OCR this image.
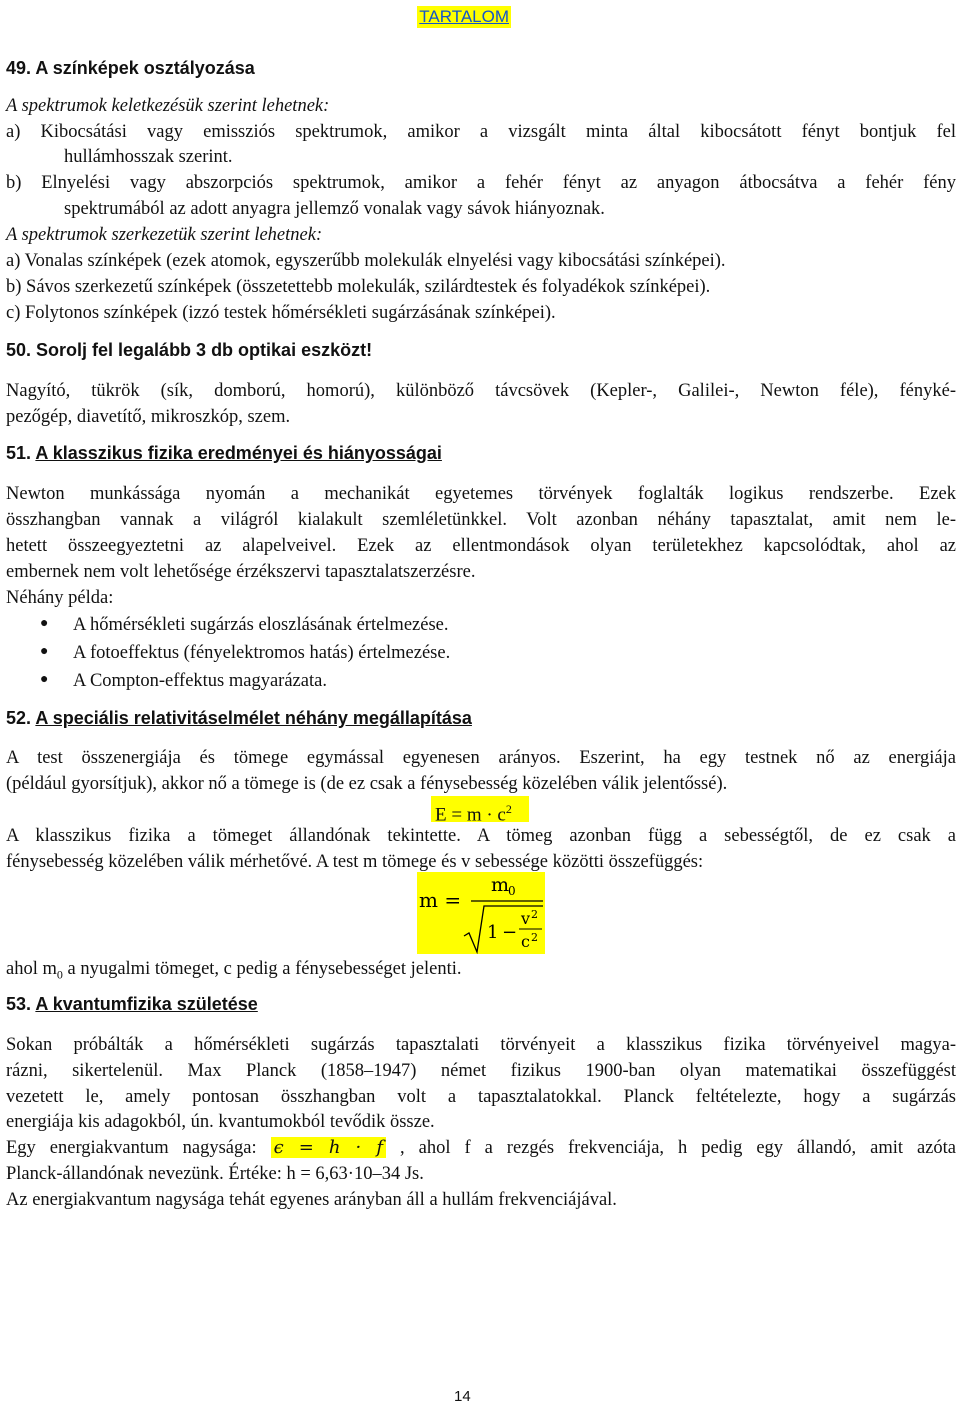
TARTALOM
49. A színképek osztályozása
A spektrumok keletkezésük szerint lehetnek:
a) Kibocsátási vagy emissziós spektrumok, amikor a vizsgált minta által kibocsátott fényt bontjuk fel
hullámhosszak szerint.
b) Elnyelési vagy abszorpciós spektrumok, amikor a fehér fényt az anyagon átbocsátva a fehér fény
spektrumából az adott anyagra jellemző vonalak vagy sávok hiányoznak.
A spektrumok szerkezetük szerint lehetnek:
a) Vonalas színképek (ezek atomok, egyszerűbb molekulák elnyelési vagy kibocsátási színképei).
b) Sávos szerkezetű színképek (összetettebb molekulák, szilárdtestek és folyadékok színképei).
c) Folytonos színképek (izzó testek hőmérsékleti sugárzásának színképei).
50. Sorolj fel legalább 3 db optikai eszközt!
Nagyító, tükrök (sík, domború, homorú), különböző távcsövek (Kepler-, Galilei-, Newton féle), fényké-
pezőgép, diavetítő, mikroszkóp, szem.
51. A klasszikus fizika eredményei és hiányosságai
Newton munkássága nyomán a mechanikát egyetemes törvények foglalták logikus rendszerbe. Ezek
összhangban vannak a világról kialakult szemléletünkkel. Volt azonban néhány tapasztalat, amit nem le-
hetett összeegyeztetni az alapelveivel. Ezek az ellentmondások olyan területekhez kapcsolódtak, ahol az
embernek nem volt lehetősége érzékszervi tapasztalatszerzésre.
Néhány példa:
● A hőmérsékleti sugárzás eloszlásának értelmezése.
● A fotoeffektus (fényelektromos hatás) értelmezése.
● A Compton-effektus magyarázata.
52. A speciális relativitáselmélet néhány megállapítása
A test összenergiája és tömege egymással egyenesen arányos. Eszerint, ha egy testnek nő az energiája
(például gyorsítjuk), akkor nő a tömege is (de ez csak a fénysebesség közelében válik jelentőssé).
$E = m \cdot c^2$
A klasszikus fizika a tömeget állandónak tekintette. A tömeg azonban függ a sebességtől, de ez csak a
fénysebesség közelében válik mérhetővé. A test m tömege és v sebessége közötti összefüggés:
m =
m
0
1 −
v 2
c 2
ahol $m_0$ a nyugalmi tömeget, c pedig a fénysebességet jelenti.
53. A kvantumfizika születése
Sokan próbálták a hőmérsékleti sugárzás tapasztalati törvényeit a klasszikus fizika törvényeivel magya-
rázni, sikertelenül. Max Planck (1858–1947) német fizikus 1900-ban olyan matematikai összefüggést
vezetett le, amely pontosan összhangban volt a tapasztalatokkal. Planck feltételezte, hogy a sugárzás
energiája kis adagokból, ún. kvantumokból tevődik össze.
Egy energiakvantum nagysága: ϵ = h · f , ahol f a rezgés frekvenciája, h pedig egy állandó, amit azóta
Planck-állandónak nevezünk. Értéke: h = 6,63·10–34 Js.
Az energiakvantum nagysága tehát egyenes arányban áll a hullám frekvenciájával.
14
